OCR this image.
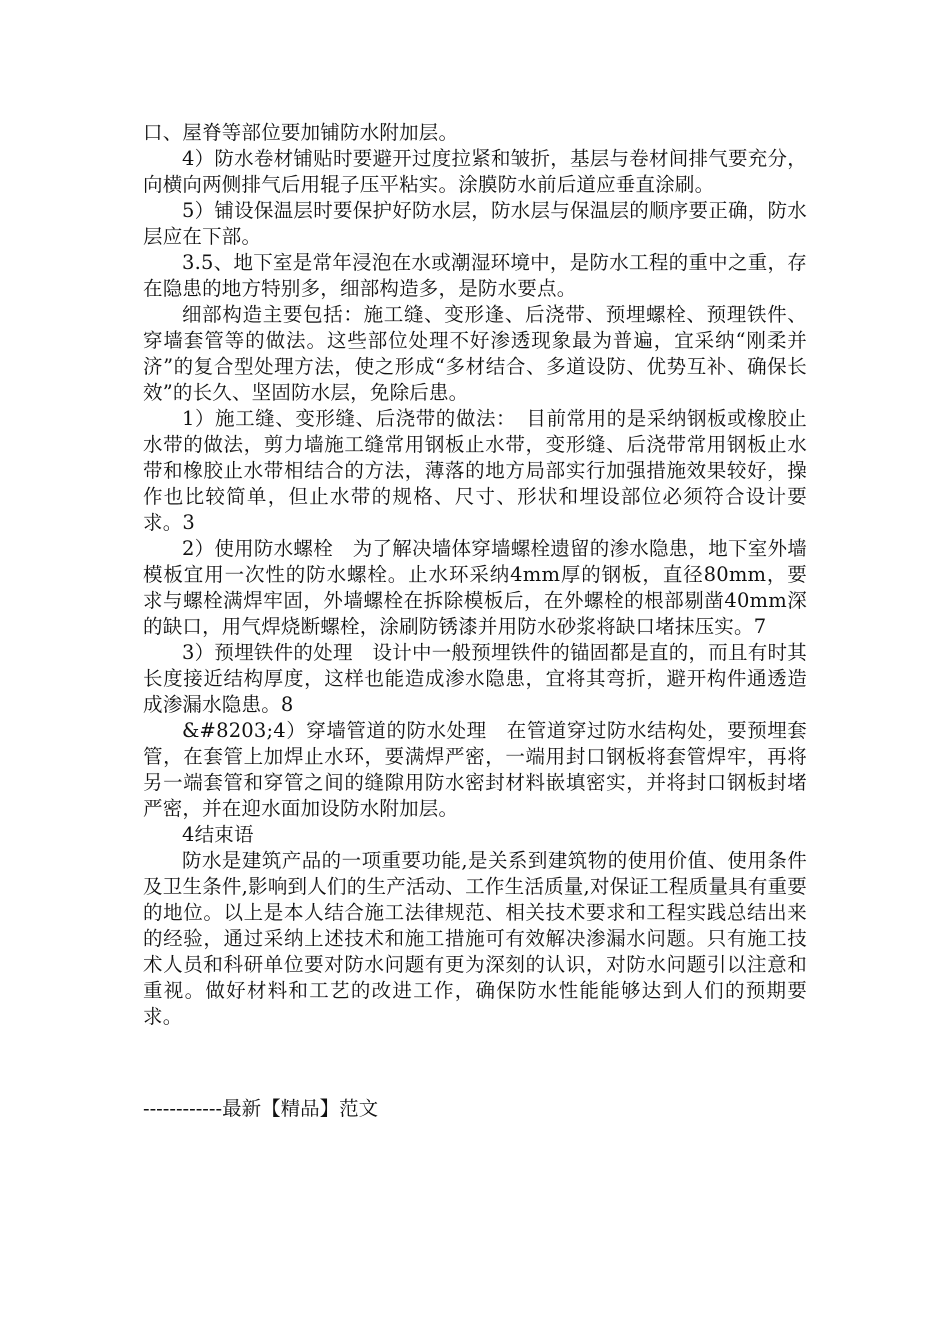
口、屋脊等部位要加铺防水附加层。

4）防水卷材铺贴时要避开过度拉紧和皱折，基层与卷材间排气要充分，向横向两侧排气后用辊子压平粘实。涂膜防水前后道应垂直涂刷。

5）铺设保温层时要保护好防水层，防水层与保温层的顺序要正确，防水层应在下部。

3.5、地下室是常年浸泡在水或潮湿环境中，是防水工程的重中之重，存在隐患的地方特别多，细部构造多，是防水要点。

细部构造主要包括：施工缝、变形逢、后浇带、预埋螺栓、预理铁件、穿墙套管等的做法。这些部位处理不好渗透现象最为普遍，宜采纳“刚柔并济”的复合型处理方法，使之形成“多材结合、多道设防、优势互补、确保长效”的长久、坚固防水层，免除后患。

1）施工缝、变形缝、后浇带的做法：　目前常用的是采纳钢板或橡胶止水带的做法，剪力墙施工缝常用钢板止水带，变形缝、后浇带常用钢板止水带和橡胶止水带相结合的方法，薄落的地方局部实行加强措施效果较好，操作也比较简单，但止水带的规格、尺寸、形状和埋设部位必须符合设计要求。3

2）使用防水螺栓　为了解决墙体穿墙螺栓遗留的渗水隐患，地下室外墙模板宜用一次性的防水螺栓。止水环采纳4mm厚的钢板，直径80mm，要求与螺栓满焊牢固，外墙螺栓在拆除模板后，在外螺栓的根部剔凿40mm深的缺口，用气焊烧断螺栓，涂刷防锈漆并用防水砂浆将缺口堵抹压实。7

3）预埋铁件的处理　设计中一般预埋铁件的锚固都是直的，而且有时其长度接近结构厚度，这样也能造成渗水隐患，宜将其弯折，避开构件通透造成渗漏水隐患。8

&#8203;4）穿墙管道的防水处理　在管道穿过防水结构处，要预埋套管，在套管上加焊止水环，要满焊严密，一端用封口钢板将套管焊牢，再将另一端套管和穿管之间的缝隙用防水密封材料嵌填密实，并将封口钢板封堵严密，并在迎水面加设防水附加层。

4结束语

防水是建筑产品的一项重要功能,是关系到建筑物的使用价值、使用条件及卫生条件,影响到人们的生产活动、工作生活质量,对保证工程质量具有重要的地位。以上是本人结合施工法律规范、相关技术要求和工程实践总结出来的经验，通过采纳上述技术和施工措施可有效解决渗漏水问题。只有施工技术人员和科研单位要对防水问题有更为深刻的认识，对防水问题引以注意和重视。做好材料和工艺的改进工作，确保防水性能能够达到人们的预期要求。

------------最新【精品】范文
